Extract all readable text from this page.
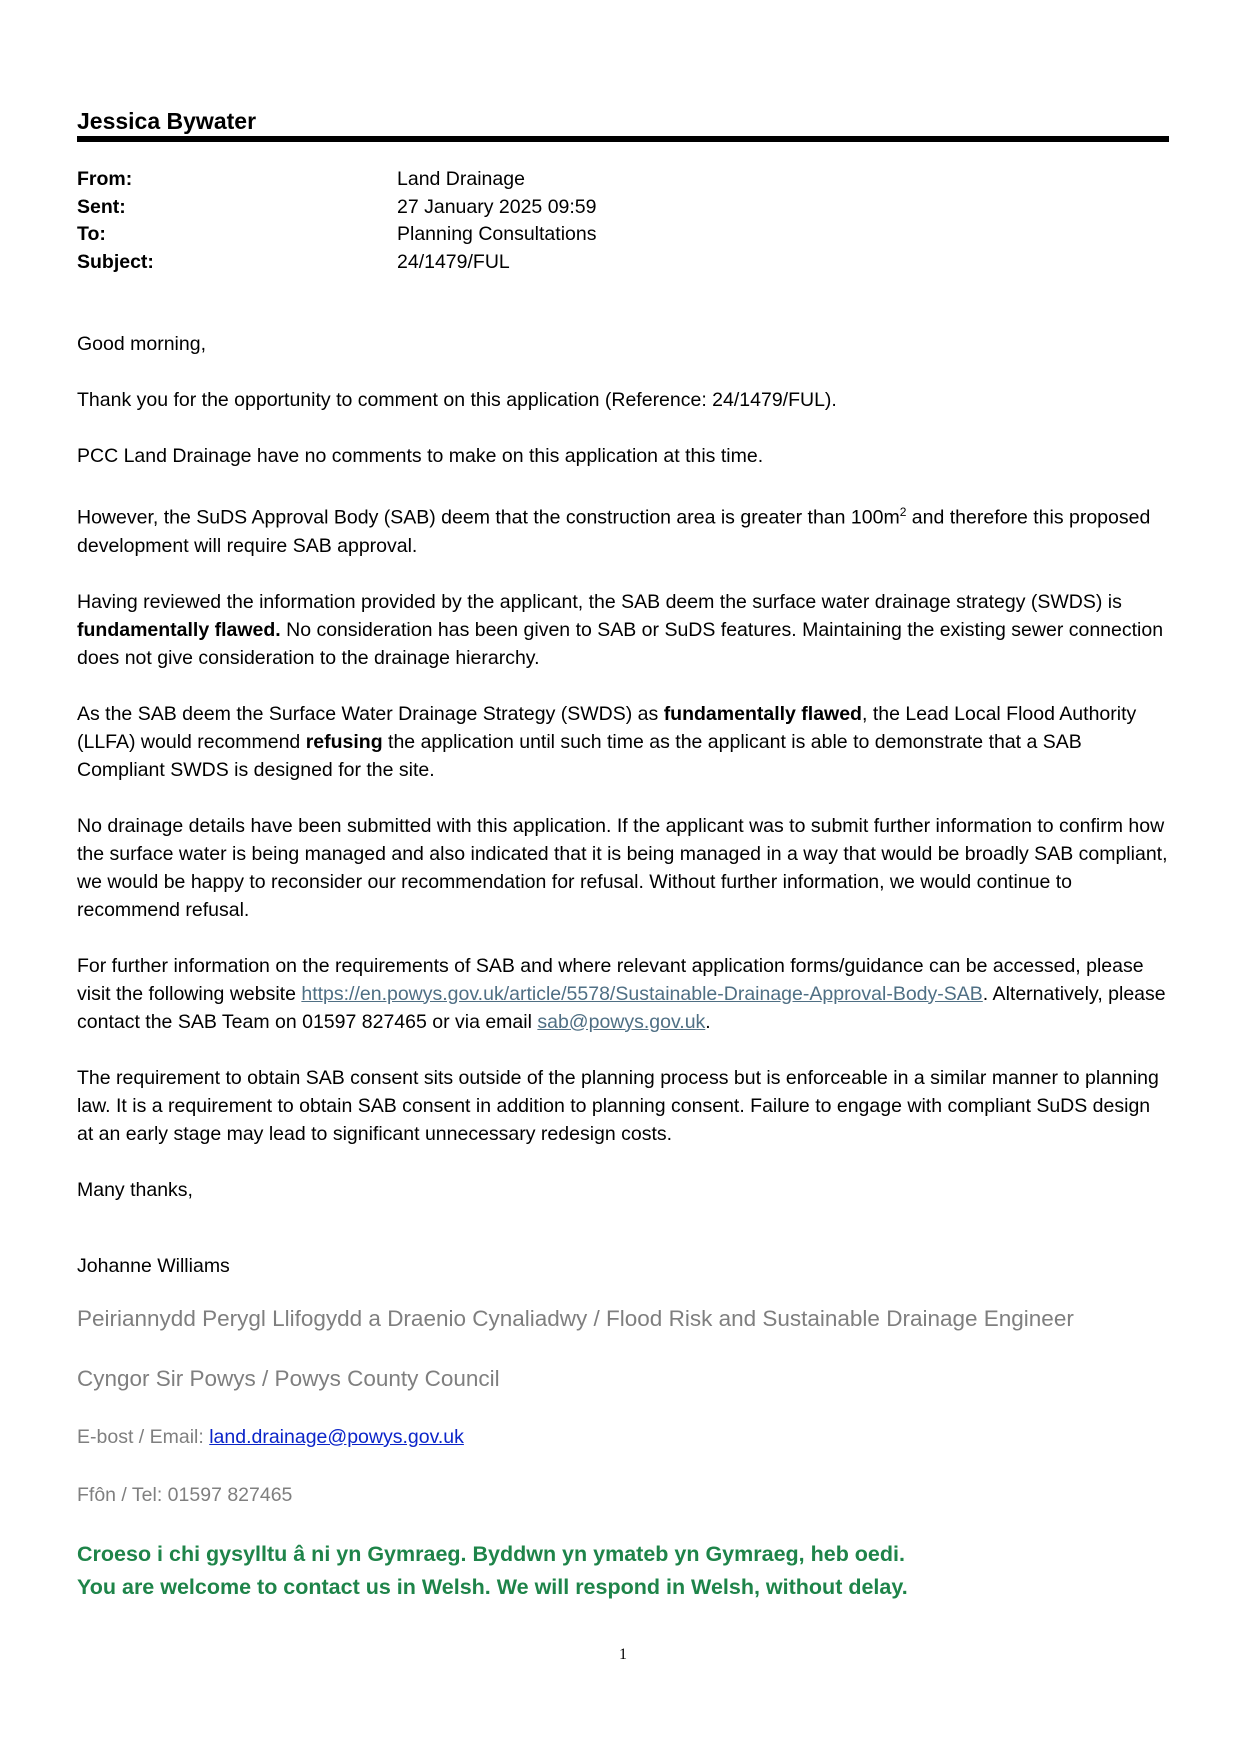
Jessica Bywater
From:	Land Drainage
Sent:	27 January 2025 09:59
To:	Planning Consultations
Subject:	24/1479/FUL

Good morning,

Thank you for the opportunity to comment on this application (Reference: 24/1479/FUL).

PCC Land Drainage have no comments to make on this application at this time.

However, the SuDS Approval Body (SAB) deem that the construction area is greater than $100m^2$ and therefore this proposed development will require SAB approval.

Having reviewed the information provided by the applicant, the SAB deem the surface water drainage strategy (SWDS) is fundamentally flawed. No consideration has been given to SAB or SuDS features. Maintaining the existing sewer connection does not give consideration to the drainage hierarchy.

As the SAB deem the Surface Water Drainage Strategy (SWDS) as fundamentally flawed, the Lead Local Flood Authority (LLFA) would recommend refusing the application until such time as the applicant is able to demonstrate that a SAB Compliant SWDS is designed for the site.

No drainage details have been submitted with this application. If the applicant was to submit further information to confirm how the surface water is being managed and also indicated that it is being managed in a way that would be broadly SAB compliant, we would be happy to reconsider our recommendation for refusal. Without further information, we would continue to recommend refusal.

For further information on the requirements of SAB and where relevant application forms/guidance can be accessed, please visit the following website https://en.powys.gov.uk/article/5578/Sustainable-Drainage-Approval-Body-SAB. Alternatively, please contact the SAB Team on 01597 827465 or via email sab@powys.gov.uk.

The requirement to obtain SAB consent sits outside of the planning process but is enforceable in a similar manner to planning law. It is a requirement to obtain SAB consent in addition to planning consent. Failure to engage with compliant SuDS design at an early stage may lead to significant unnecessary redesign costs.

Many thanks,

Johanne Williams
Peiriannydd Perygl Llifogydd a Draenio Cynaliadwy / Flood Risk and Sustainable Drainage Engineer
Cyngor Sir Powys / Powys County Council
E-bost / Email: land.drainage@powys.gov.uk
Ffôn / Tel: 01597 827465
Croeso i chi gysylltu â ni yn Gymraeg. Byddwn yn ymateb yn Gymraeg, heb oedi.
You are welcome to contact us in Welsh. We will respond in Welsh, without delay.
1
